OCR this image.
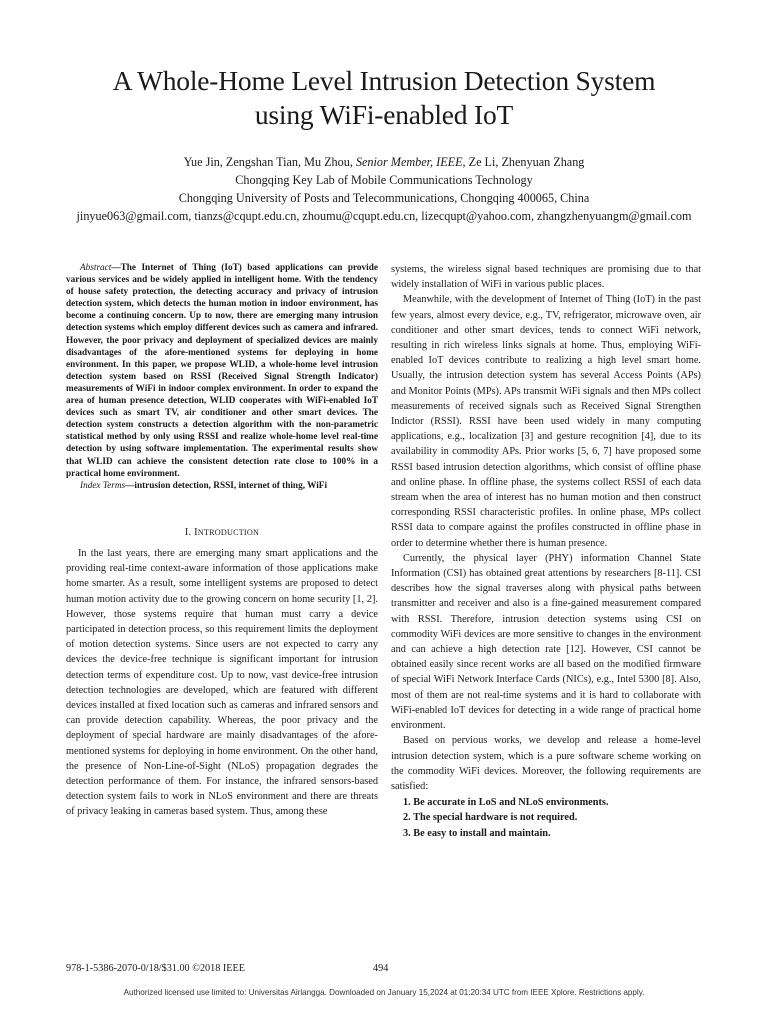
A Whole-Home Level Intrusion Detection System
using WiFi-enabled IoT
Yue Jin, Zengshan Tian, Mu Zhou, Senior Member, IEEE, Ze Li, Zhenyuan Zhang
Chongqing Key Lab of Mobile Communications Technology
Chongqing University of Posts and Telecommunications, Chongqing 400065, China
jinyue063@gmail.com, tianzs@cqupt.edu.cn, zhoumu@cqupt.edu.cn, lizecqupt@yahoo.com, zhangzhenyuangm@gmail.com

Abstract—The Internet of Thing (IoT) based applications can provide various services and be widely applied in intelligent home. With the tendency of house safety protection, the detecting accuracy and privacy of intrusion detection system, which detects the human motion in indoor environment, has become a continuing concern. Up to now, there are emerging many intrusion detection systems which employ different devices such as camera and infrared. However, the poor privacy and deployment of specialized devices are mainly disadvantages of the afore-mentioned systems for deploying in home environment. In this paper, we propose WLID, a whole-home level intrusion detection system based on RSSI (Received Signal Strength Indicator) measurements of WiFi in indoor complex environment. In order to expand the area of human presence detection, WLID cooperates with WiFi-enabled IoT devices such as smart TV, air conditioner and other smart devices. The detection system constructs a detection algorithm with the non-parametric statistical method by only using RSSI and realize whole-home level real-time detection by using software implementation. The experimental results show that WLID can achieve the consistent detection rate close to 100% in a practical home environment.

Index Terms—intrusion detection, RSSI, internet of thing, WiFi

I. INTRODUCTION

In the last years, there are emerging many smart applications and the providing real-time context-aware information of those applications make home smarter. As a result, some intelligent systems are proposed to detect human motion activity due to the growing concern on home security [1, 2]. However, those systems require that human must carry a device participated in detection process, so this requirement limits the deployment of motion detection systems. Since users are not expected to carry any devices the device-free technique is significant important for intrusion detection terms of expenditure cost. Up to now, vast device-free intrusion detection technologies are developed, which are featured with different devices installed at fixed location such as cameras and infrared sensors and can provide detection capability. Whereas, the poor privacy and the deployment of special hardware are mainly disadvantages of the afore-mentioned systems for deploying in home environment. On the other hand, the presence of Non-Line-of-Sight (NLoS) propagation degrades the detection performance of them. For instance, the infrared sensors-based detection system fails to work in NLoS environment and there are threats of privacy leaking in cameras based system. Thus, among these

systems, the wireless signal based techniques are promising due to that widely installation of WiFi in various public places.

Meanwhile, with the development of Internet of Thing (IoT) in the past few years, almost every device, e.g., TV, refrigerator, microwave oven, air conditioner and other smart devices, tends to connect WiFi network, resulting in rich wireless links signals at home. Thus, employing WiFi-enabled IoT devices contribute to realizing a high level smart home. Usually, the intrusion detection system has several Access Points (APs) and Monitor Points (MPs). APs transmit WiFi signals and then MPs collect measurements of received signals such as Received Signal Strengthen Indictor (RSSI). RSSI have been used widely in many computing applications, e.g., localization [3] and gesture recognition [4], due to its availability in commodity APs. Prior works [5, 6, 7] have proposed some RSSI based intrusion detection algorithms, which consist of offline phase and online phase. In offline phase, the systems collect RSSI of each data stream when the area of interest has no human motion and then construct corresponding RSSI characteristic profiles. In online phase, MPs collect RSSI data to compare against the profiles constructed in offline phase in order to determine whether there is human presence.

Currently, the physical layer (PHY) information Channel State Information (CSI) has obtained great attentions by researchers [8-11]. CSI describes how the signal traverses along with physical paths between transmitter and receiver and also is a fine-gained measurement compared with RSSI. Therefore, intrusion detection systems using CSI on commodity WiFi devices are more sensitive to changes in the environment and can achieve a high detection rate [12]. However, CSI cannot be obtained easily since recent works are all based on the modified firmware of special WiFi Network Interface Cards (NICs), e.g., Intel 5300 [8]. Also, most of them are not real-time systems and it is hard to collaborate with WiFi-enabled IoT devices for detecting in a wide range of practical home environment.

Based on pervious works, we develop and release a home-level intrusion detection system, which is a pure software scheme working on the commodity WiFi devices. Moreover, the following requirements are satisfied:

1. Be accurate in LoS and NLoS environments.
2. The special hardware is not required.
3. Be easy to install and maintain.
978-1-5386-2070-0/18/$31.00 ©2018 IEEE	494
Authorized licensed use limited to: Universitas Airlangga. Downloaded on January 15,2024 at 01:20:34 UTC from IEEE Xplore. Restrictions apply.
